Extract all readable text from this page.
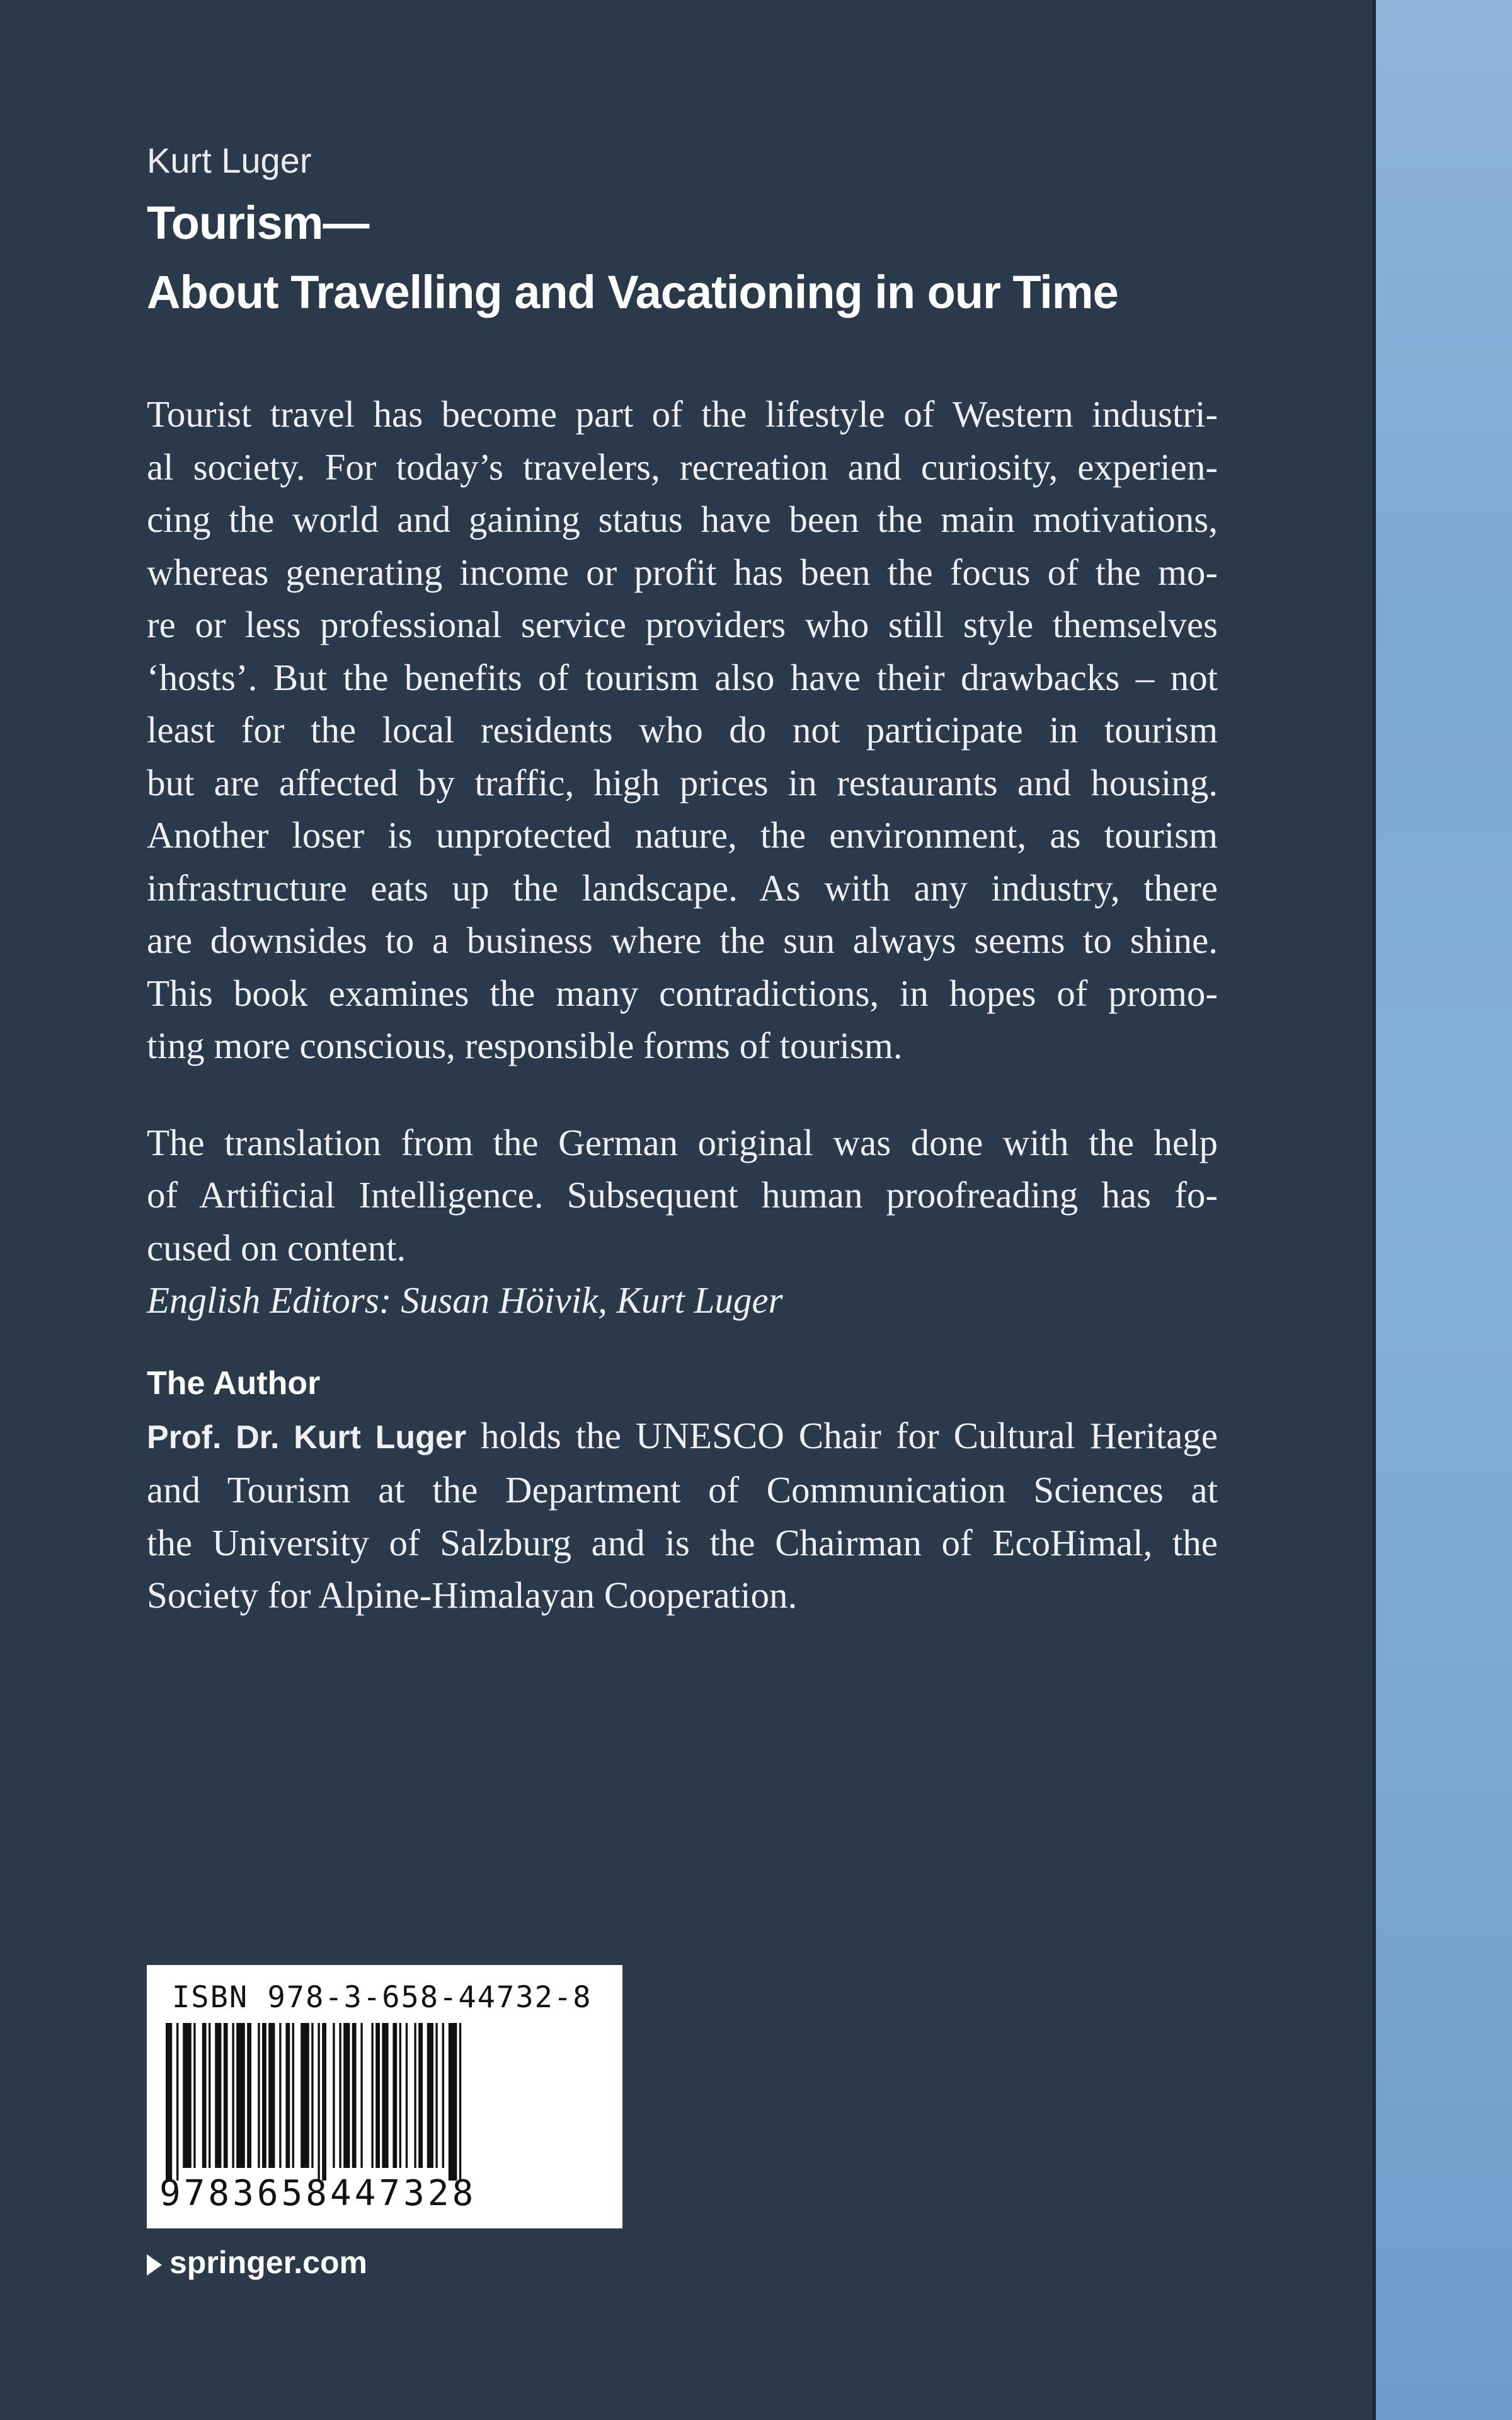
Kurt Luger

Tourism—
About Travelling and Vacationing in our Time
Tourist travel has become part of the lifestyle of Western industri-
al society. For today’s travelers, recreation and curiosity, experien-
cing the world and gaining status have been the main motivations,
whereas generating income or profit has been the focus of the mo-
re or less professional service providers who still style themselves
‘hosts’. But the benefits of tourism also have their drawbacks – not
least for the local residents who do not participate in tourism
but are affected by traffic, high prices in restaurants and housing.
Another loser is unprotected nature, the environment, as tourism
infrastructure eats up the landscape. As with any industry, there
are downsides to a business where the sun always seems to shine.
This book examines the many contradictions, in hopes of promo-
ting more conscious, responsible forms of tourism.
The translation from the German original was done with the help
of Artificial Intelligence. Subsequent human proofreading has fo-
cused on content.

English Editors: Susan Höivik, Kurt Luger

The Author
Prof. Dr. Kurt Luger holds the UNESCO Chair for Cultural Heritage
and Tourism at the Department of Communication Sciences at
the University of Salzburg and is the Chairman of EcoHimal, the
Society for Alpine-Himalayan Cooperation.
ISBN 978-3-658-44732-8
9783658447328
springer.com
